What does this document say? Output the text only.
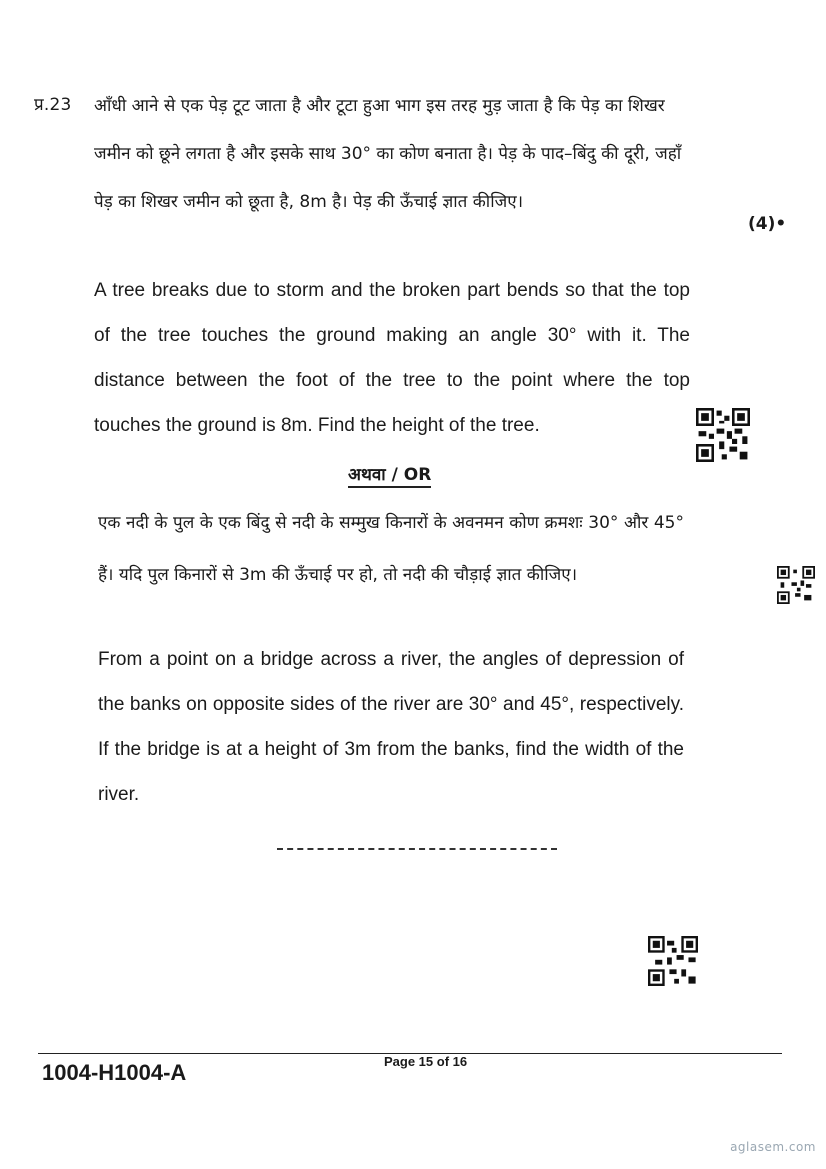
प्र.23 आँधी आने से एक पेड़ टूट जाता है और टूटा हुआ भाग इस तरह मुड़ जाता है कि पेड़ का शिखर जमीन को छूने लगता है और इसके साथ 30° का कोण बनाता है। पेड़ के पाद–बिंदु की दूरी, जहाँ पेड़ का शिखर जमीन को छूता है, 8m है। पेड़ की ऊँचाई ज्ञात कीजिए।
(4)•
A tree breaks due to storm and the broken part bends so that the top of the tree touches the ground making an angle 30° with it. The distance between the foot of the tree to the point where the top touches the ground is 8m. Find the height of the tree.
अथवा / OR
एक नदी के पुल के एक बिंदु से नदी के सम्मुख किनारों के अवनमन कोण क्रमशः 30° और 45° हैं। यदि पुल किनारों से 3m की ऊँचाई पर हो, तो नदी की चौड़ाई ज्ञात कीजिए।
From a point on a bridge across a river, the angles of depression of the banks on opposite sides of the river are 30° and 45°, respectively. If the bridge is at a height of 3m from the banks, find the width of the river.
1004-H1004-A	Page 15 of 16
aglasem.com
